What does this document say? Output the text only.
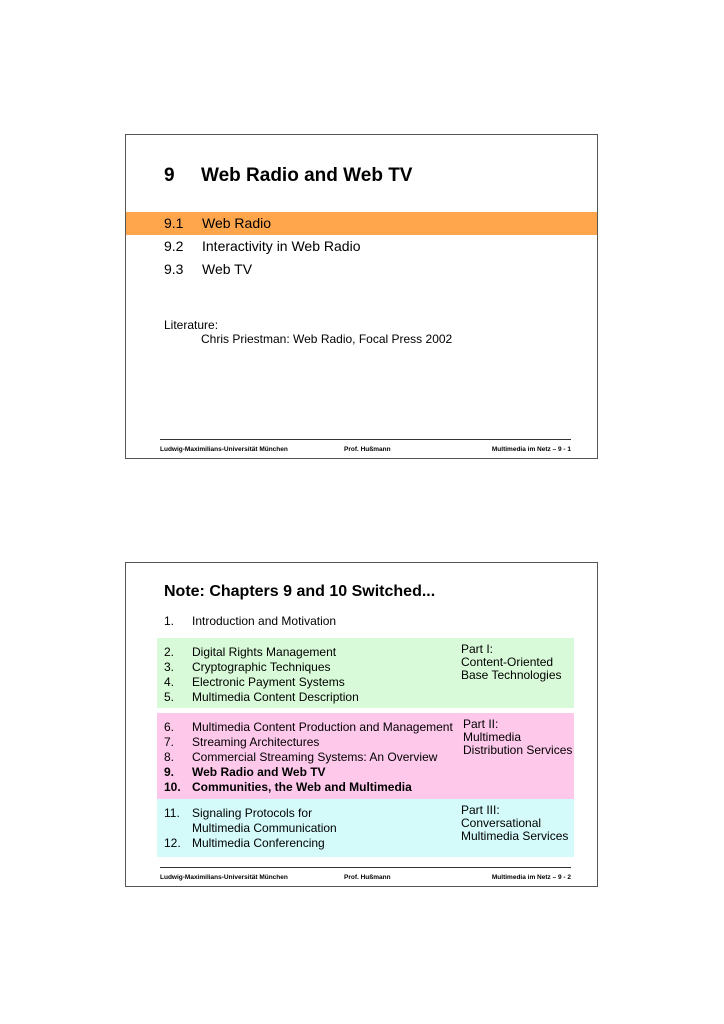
9 Web Radio and Web TV
9.1 Web Radio
9.2 Interactivity in Web Radio
9.3 Web TV
Literature:
Chris Priestman: Web Radio, Focal Press 2002
Ludwig-Maximilians-Universität München	Prof. Hußmann	Multimedia im Netz – 9 - 1
Note: Chapters 9 and 10 Switched...
1. Introduction and Motivation
2. Digital Rights Management
3. Cryptographic Techniques
4. Electronic Payment Systems
5. Multimedia Content Description
Part I:
Content-Oriented
Base Technologies
6. Multimedia Content Production and Management
7. Streaming Architectures
8. Commercial Streaming Systems: An Overview
9. Web Radio and Web TV
10. Communities, the Web and Multimedia
Part II:
Multimedia
Distribution Services
11. Signaling Protocols for
Multimedia Communication
12. Multimedia Conferencing
Part III:
Conversational
Multimedia Services
Ludwig-Maximilians-Universität München	Prof. Hußmann	Multimedia im Netz – 9 - 2
